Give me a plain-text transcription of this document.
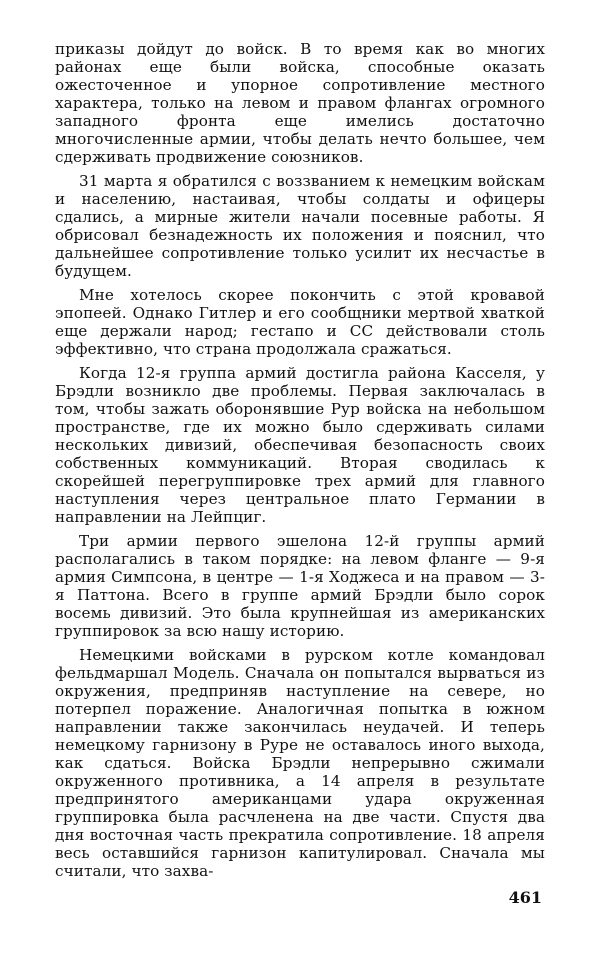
приказы дойдут до войск. В то время как во многих районах еще были войска, способные оказать ожесточенное и упорное сопротивление местного характера, только на левом и правом флангах огромного западного фронта еще имелись достаточно многочисленные армии, чтобы делать нечто большее, чем сдерживать продвижение союзников.

31 марта я обратился с воззванием к немецким войскам и населению, настаивая, чтобы солдаты и офицеры сдались, а мирные жители начали посевные работы. Я обрисовал безнадежность их положения и пояснил, что дальнейшее сопротивление только усилит их несчастье в будущем.

Мне хотелось скорее покончить с этой кровавой эпопеей. Однако Гитлер и его сообщники мертвой хваткой еще держали народ; гестапо и СС действовали столь эффективно, что страна продолжала сражаться.

Когда 12-я группа армий достигла района Касселя, у Брэдли возникло две проблемы. Первая заключалась в том, чтобы зажать оборонявшие Рур войска на небольшом пространстве, где их можно было сдерживать силами нескольких дивизий, обеспечивая безопасность своих собственных коммуникаций. Вторая сводилась к скорейшей перегруппировке трех армий для главного наступления через центральное плато Германии в направлении на Лейпциг.

Три армии первого эшелона 12-й группы армий располагались в таком порядке: на левом фланге — 9-я армия Симпсона, в центре — 1-я Ходжеса и на правом — 3-я Паттона. Всего в группе армий Брэдли было сорок восемь дивизий. Это была крупнейшая из американских группировок за всю нашу историю.

Немецкими войсками в рурском котле командовал фельдмаршал Модель. Сначала он попытался вырваться из окружения, предприняв наступление на севере, но потерпел поражение. Аналогичная попытка в южном направлении также закончилась неудачей. И теперь немецкому гарнизону в Руре не оставалось иного выхода, как сдаться. Войска Брэдли непрерывно сжимали окруженного противника, а 14 апреля в результате предпринятого американцами удара окруженная группировка была расчленена на две части. Спустя два дня восточная часть прекратила сопротивление. 18 апреля весь оставшийся гарнизон капитулировал. Сначала мы считали, что захва-

461
